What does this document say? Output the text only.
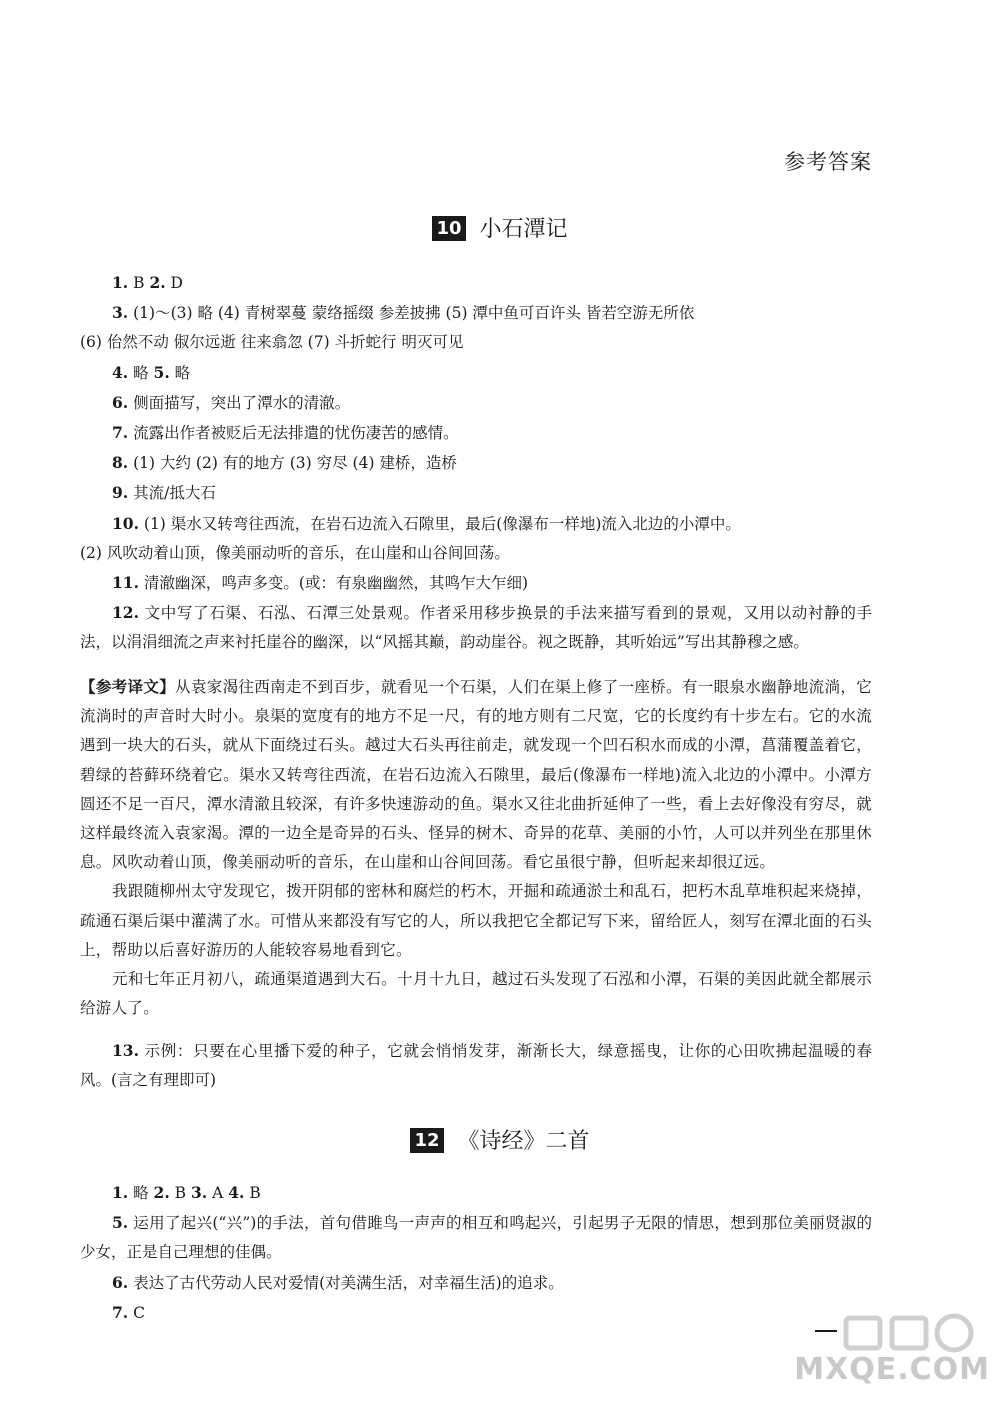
参考答案
10 小石潭记

1. B 2. D

3. (1)～(3) 略 (4) 青树翠蔓 蒙络摇缀 参差披拂 (5) 潭中鱼可百许头 皆若空游无所依

(6) 佁然不动 俶尔远逝 往来翕忽 (7) 斗折蛇行 明灭可见

4. 略 5. 略

6. 侧面描写，突出了潭水的清澈。

7. 流露出作者被贬后无法排遣的忧伤凄苦的感情。

8. (1) 大约 (2) 有的地方 (3) 穷尽 (4) 建桥，造桥

9. 其流/抵大石

10. (1) 渠水又转弯往西流，在岩石边流入石隙里，最后(像瀑布一样地)流入北边的小潭中。

(2) 风吹动着山顶，像美丽动听的音乐，在山崖和山谷间回荡。

11. 清澈幽深，鸣声多变。(或：有泉幽幽然，其鸣乍大乍细)

12. 文中写了石渠、石泓、石潭三处景观。作者采用移步换景的手法来描写看到的景观，又用以动衬静的手法，以涓涓细流之声来衬托崖谷的幽深，以“风摇其巅，韵动崖谷。视之既静，其听始远”写出其静穆之感。

【参考译文】从袁家渴往西南走不到百步，就看见一个石渠，人们在渠上修了一座桥。有一眼泉水幽静地流淌，它流淌时的声音时大时小。泉渠的宽度有的地方不足一尺，有的地方则有二尺宽，它的长度约有十步左右。它的水流遇到一块大的石头，就从下面绕过石头。越过大石头再往前走，就发现一个凹石积水而成的小潭，菖蒲覆盖着它，碧绿的苔藓环绕着它。渠水又转弯往西流，在岩石边流入石隙里，最后(像瀑布一样地)流入北边的小潭中。小潭方圆还不足一百尺，潭水清澈且较深，有许多快速游动的鱼。渠水又往北曲折延伸了一些，看上去好像没有穷尽，就这样最终流入袁家渴。潭的一边全是奇异的石头、怪异的树木、奇异的花草、美丽的小竹，人可以并列坐在那里休息。风吹动着山顶，像美丽动听的音乐，在山崖和山谷间回荡。看它虽很宁静，但听起来却很辽远。

我跟随柳州太守发现它，拨开阴郁的密林和腐烂的朽木，开掘和疏通淤土和乱石，把朽木乱草堆积起来烧掉，疏通石渠后渠中灌满了水。可惜从来都没有写它的人，所以我把它全都记写下来，留给匠人，刻写在潭北面的石头上，帮助以后喜好游历的人能较容易地看到它。

元和七年正月初八，疏通渠道遇到大石。十月十九日，越过石头发现了石泓和小潭，石渠的美因此就全都展示给游人了。

13. 示例：只要在心里播下爱的种子，它就会悄悄发芽，渐渐长大，绿意摇曳，让你的心田吹拂起温暖的春风。(言之有理即可)

12 《诗经》二首

1. 略 2. B 3. A 4. B

5. 运用了起兴(“兴”)的手法，首句借雎鸟一声声的相互和鸣起兴，引起男子无限的情思，想到那位美丽贤淑的少女，正是自己理想的佳偶。

6. 表达了古代劳动人民对爱情(对美满生活，对幸福生活)的追求。

7. C

MXQE.COM
